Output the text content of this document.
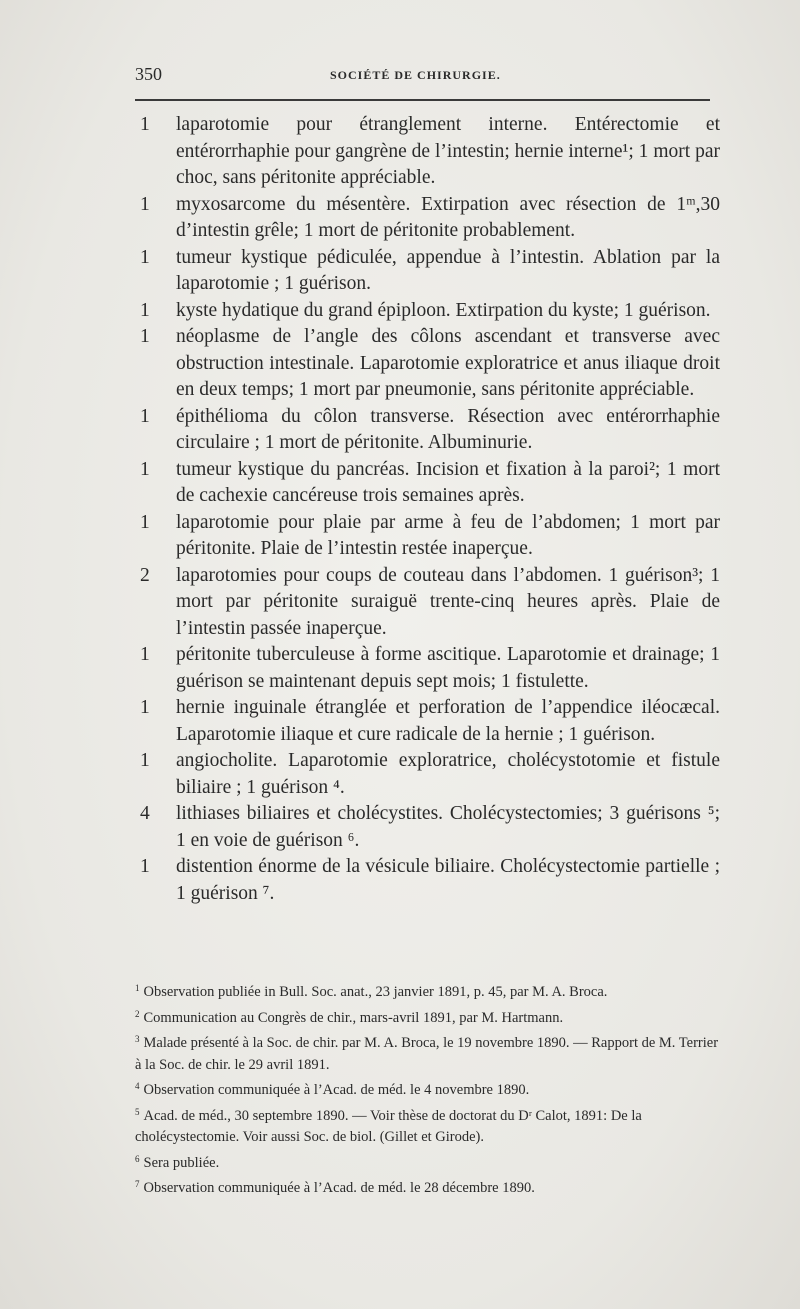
350	SOCIÉTÉ DE CHIRURGIE.
1 laparotomie pour étranglement interne. Entérectomie et entérorrhaphie pour gangrène de l’intestin; hernie interne¹; 1 mort par choc, sans péritonite appréciable.
1 myxosarcome du mésentère. Extirpation avec résection de 1ᵐ,30 d’intestin grêle; 1 mort de péritonite probablement.
1 tumeur kystique pédiculée, appendue à l’intestin. Ablation par la laparotomie ; 1 guérison.
1 kyste hydatique du grand épiploon. Extirpation du kyste; 1 guérison.
1 néoplasme de l’angle des côlons ascendant et transverse avec obstruction intestinale. Laparotomie exploratrice et anus iliaque droit en deux temps; 1 mort par pneumonie, sans péritonite appréciable.
1 épithélioma du côlon transverse. Résection avec entérorrhaphie circulaire ; 1 mort de péritonite. Albuminurie.
1 tumeur kystique du pancréas. Incision et fixation à la paroi²; 1 mort de cachexie cancéreuse trois semaines après.
1 laparotomie pour plaie par arme à feu de l’abdomen; 1 mort par péritonite. Plaie de l’intestin restée inaperçue.
2 laparotomies pour coups de couteau dans l’abdomen. 1 guérison³; 1 mort par péritonite suraiguë trente-cinq heures après. Plaie de l’intestin passée inaperçue.
1 péritonite tuberculeuse à forme ascitique. Laparotomie et drainage; 1 guérison se maintenant depuis sept mois; 1 fistulette.
1 hernie inguinale étranglée et perforation de l’appendice iléocæcal. Laparotomie iliaque et cure radicale de la hernie ; 1 guérison.
1 angiocholite. Laparotomie exploratrice, cholécystotomie et fistule biliaire ; 1 guérison ⁴.
4 lithiases biliaires et cholécystites. Cholécystectomies; 3 guérisons ⁵; 1 en voie de guérison ⁶.
1 distention énorme de la vésicule biliaire. Cholécystectomie partielle ; 1 guérison ⁷.
$^1$ Observation publiée in Bull. Soc. anat., 23 janvier 1891, p. 45, par M. A. Broca.
$^2$ Communication au Congrès de chir., mars-avril 1891, par M. Hartmann.
$^3$ Malade présenté à la Soc. de chir. par M. A. Broca, le 19 novembre 1890. — Rapport de M. Terrier à la Soc. de chir. le 29 avril 1891.
$^4$ Observation communiquée à l’Acad. de méd. le 4 novembre 1890.
$^5$ Acad. de méd., 30 septembre 1890. — Voir thèse de doctorat du Dʳ Calot, 1891: De la cholécystectomie. Voir aussi Soc. de biol. (Gillet et Girode).
$^6$ Sera publiée.
$^7$ Observation communiquée à l’Acad. de méd. le 28 décembre 1890.
